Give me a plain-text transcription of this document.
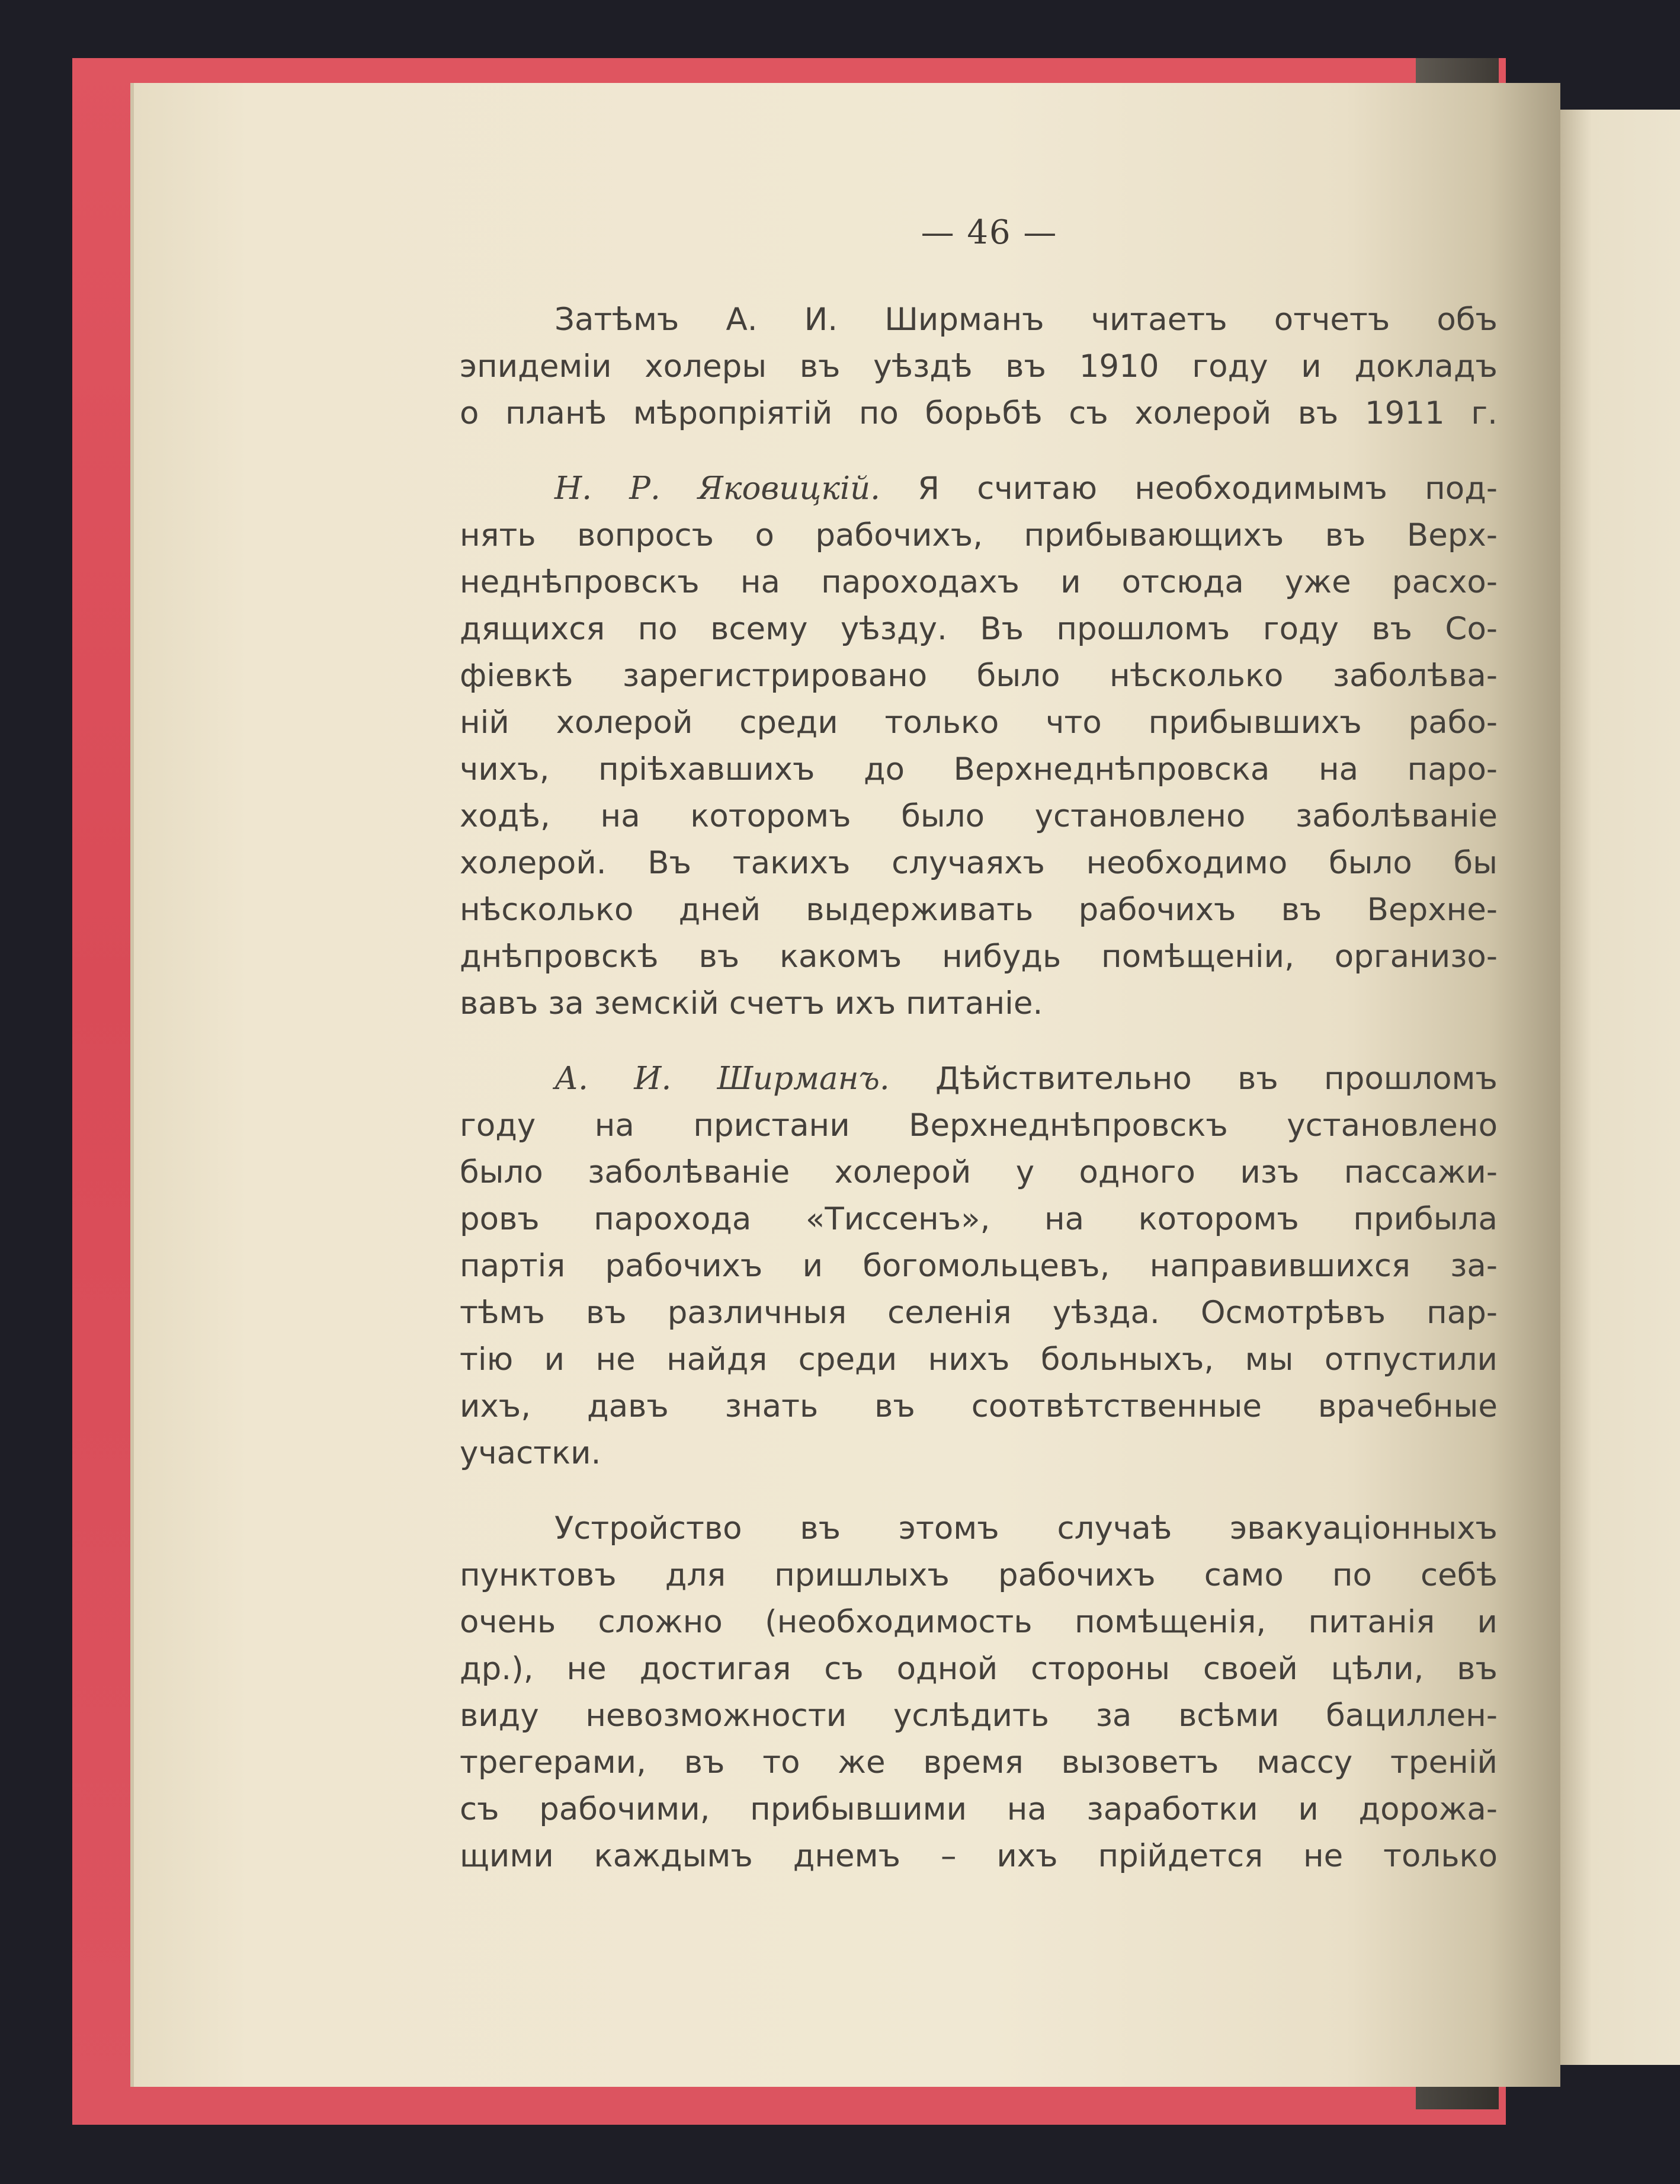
— 46 —
Затѣмъ А. И. Ширманъ читаетъ отчетъ объ
эпидеміи холеры въ уѣздѣ въ 1910 году и докладъ
о планѣ мѣропріятій по борьбѣ съ холерой въ 1911 г.
Н. Р. Яковицкій. Я считаю необходимымъ под-
нять вопросъ о рабочихъ, прибывающихъ въ Верх-
неднѣпровскъ на пароходахъ и отсюда уже расхо-
дящихся по всему уѣзду. Въ прошломъ году въ Со-
фіевкѣ зарегистрировано было нѣсколько заболѣва-
ній холерой среди только что прибывшихъ рабо-
чихъ, пріѣхавшихъ до Верхнеднѣпровска на паро-
ходѣ, на которомъ было установлено заболѣваніе
холерой. Въ такихъ случаяхъ необходимо было бы
нѣсколько дней выдерживать рабочихъ въ Верхне-
днѣпровскѣ въ какомъ нибудь помѣщеніи, организо-
вавъ за земскій счетъ ихъ питаніе.
А. И. Ширманъ. Дѣйствительно въ прошломъ
году на пристани Верхнеднѣпровскъ установлено
было заболѣваніе холерой у одного изъ пассажи-
ровъ парохода «Тиссенъ», на которомъ прибыла
партія рабочихъ и богомольцевъ, направившихся за-
тѣмъ въ различныя селенія уѣзда. Осмотрѣвъ пар-
тію и не найдя среди нихъ больныхъ, мы отпустили
ихъ, давъ знать въ соотвѣтственные врачебные
участки.
Устройство въ этомъ случаѣ эвакуаціонныхъ
пунктовъ для пришлыхъ рабочихъ само по себѣ
очень сложно (необходимость помѣщенія, питанія и
др.), не достигая съ одной стороны своей цѣли, въ
виду невозможности услѣдить за всѣми бациллен-
трегерами, въ то же время вызоветъ массу треній
съ рабочими, прибывшими на заработки и дорожа-
щими каждымъ днемъ – ихъ прійдется не только
